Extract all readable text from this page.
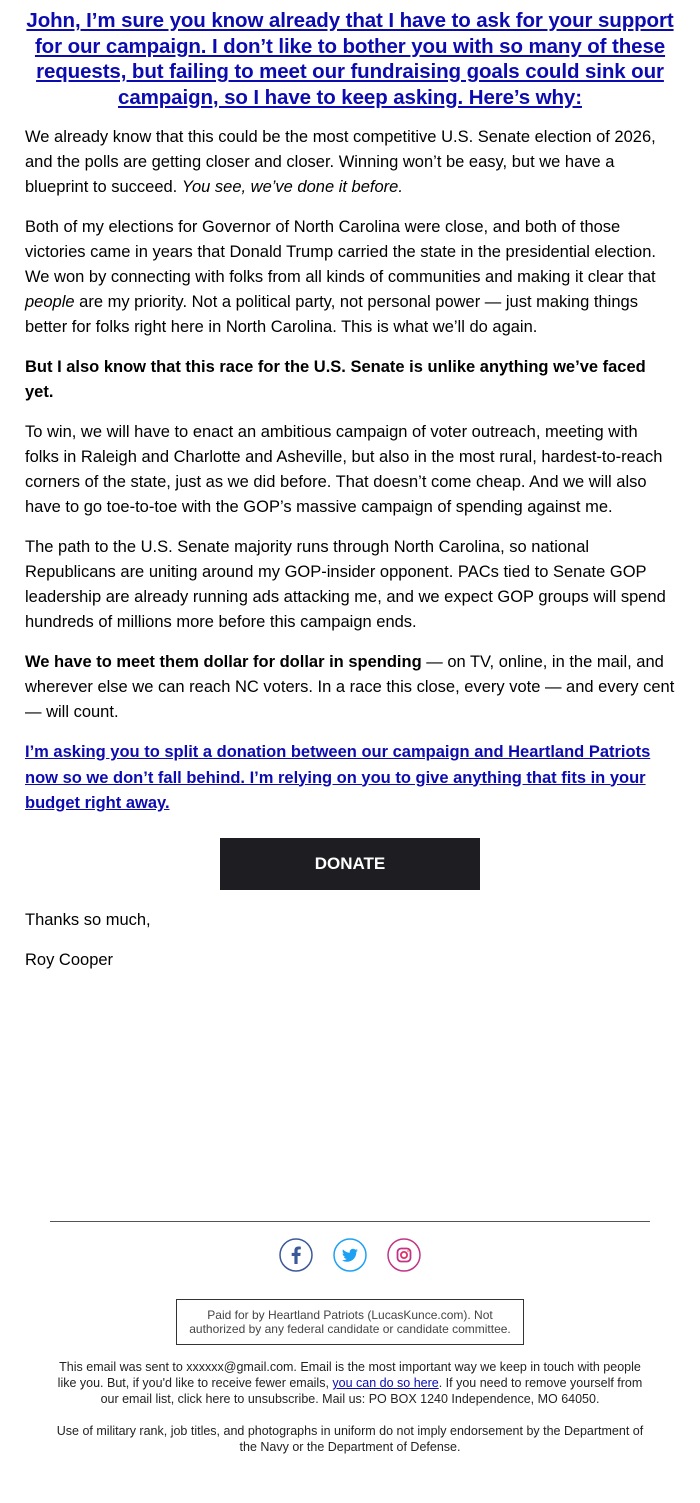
John, I’m sure you know already that I have to ask for your support for our campaign. I don’t like to bother you with so many of these requests, but failing to meet our fundraising goals could sink our campaign, so I have to keep asking. Here’s why:

We already know that this could be the most competitive U.S. Senate election of 2026, and the polls are getting closer and closer. Winning won’t be easy, but we have a blueprint to succeed. You see, we’ve done it before.

Both of my elections for Governor of North Carolina were close, and both of those victories came in years that Donald Trump carried the state in the presidential election. We won by connecting with folks from all kinds of communities and making it clear that people are my priority. Not a political party, not personal power — just making things better for folks right here in North Carolina. This is what we’ll do again.

But I also know that this race for the U.S. Senate is unlike anything we’ve faced yet.

To win, we will have to enact an ambitious campaign of voter outreach, meeting with folks in Raleigh and Charlotte and Asheville, but also in the most rural, hardest-to-reach corners of the state, just as we did before. That doesn’t come cheap. And we will also have to go toe-to-toe with the GOP’s massive campaign of spending against me.

The path to the U.S. Senate majority runs through North Carolina, so national Republicans are uniting around my GOP-insider opponent. PACs tied to Senate GOP leadership are already running ads attacking me, and we expect GOP groups will spend hundreds of millions more before this campaign ends.

We have to meet them dollar for dollar in spending — on TV, online, in the mail, and wherever else we can reach NC voters. In a race this close, every vote — and every cent — will count.

I’m asking you to split a donation between our campaign and Heartland Patriots now so we don’t fall behind. I’m relying on you to give anything that fits in your budget right away.
DONATE

Thanks so much,

Roy Cooper

Paid for by Heartland Patriots (LucasKunce.com). Not authorized by any federal candidate or candidate committee.

This email was sent to xxxxxx@gmail.com. Email is the most important way we keep in touch with people like you. But, if you'd like to receive fewer emails, you can do so here. If you need to remove yourself from our email list, click here to unsubscribe. Mail us: PO BOX 1240 Independence, MO 64050.

Use of military rank, job titles, and photographs in uniform do not imply endorsement by the Department of the Navy or the Department of Defense.
